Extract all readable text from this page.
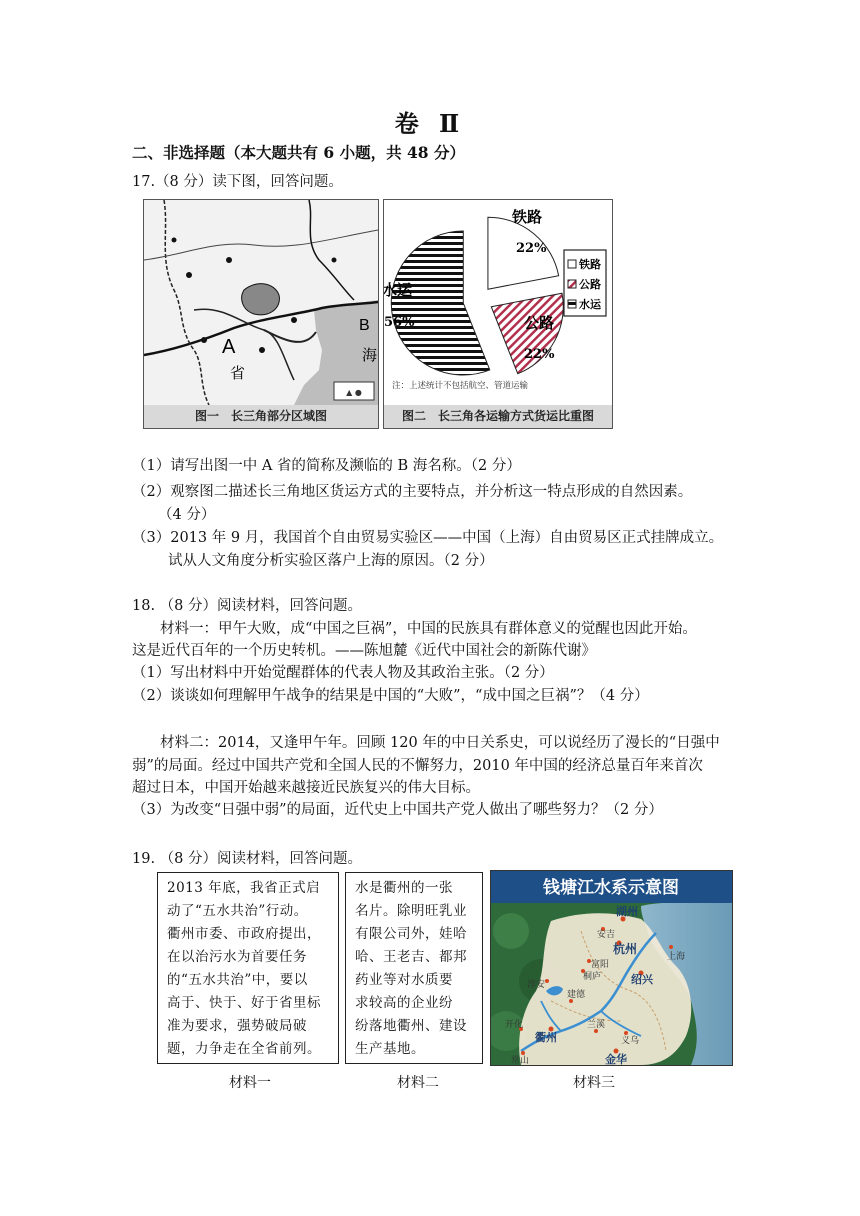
卷 Ⅱ
二、非选择题（本大题共有 6 小题，共 48 分）
17.（8 分）读下图，回答问题。
▲ ●
A
省
B
海
图一　长三角部分区域图
铁路
22%
公路
22%
水运
56%
铁路
公路
水运
注：上述统计不包括航空、管道运输
图二　长三角各运输方式货运比重图
（1）请写出图一中 A 省的简称及濒临的 B 海名称。（2 分）
（2）观察图二描述长三角地区货运方式的主要特点，并分析这一特点形成的自然因素。
（4 分）
（3）2013 年 9 月，我国首个自由贸易实验区——中国（上海）自由贸易区正式挂牌成立。
试从人文角度分析实验区落户上海的原因。（2 分）
18. （8 分）阅读材料，回答问题。
材料一：甲午大败，成“中国之巨祸”，中国的民族具有群体意义的觉醒也因此开始。
这是近代百年的一个历史转机。——陈旭麓《近代中国社会的新陈代谢》
（1）写出材料中开始觉醒群体的代表人物及其政治主张。（2 分）
（2）谈谈如何理解甲午战争的结果是中国的“大败”，“成中国之巨祸”？（4 分）
材料二：2014，又逢甲午年。回顾 120 年的中日关系史，可以说经历了漫长的“日强中
弱”的局面。经过中国共产党和全国人民的不懈努力，2010 年中国的经济总量百年来首次
超过日本，中国开始越来越接近民族复兴的伟大目标。
（3）为改变“日强中弱”的局面，近代史上中国共产党人做出了哪些努力？（2 分）
19. （8 分）阅读材料，回答问题。
2013 年底，我省正式启
动了“五水共治”行动。
衢州市委、市政府提出，
在以治污水为首要任务
的“五水共治”中，要以
高于、快于、好于省里标
准为要求，强势破局破
题，力争走在全省前列。
水是衢州的一张
名片。除明旺乳业
有限公司外，娃哈
哈、王老吉、都邦
药业等对水质要
求较高的企业纷
纷落地衢州、建设
生产基地。
钱塘江水系示意图
湖州
杭州
安吉
富阳
桐庐
上海
绍兴
淳安
建德
开化
衢州
兰溪
义乌
金华
常山
材料一	材料二	材料三
